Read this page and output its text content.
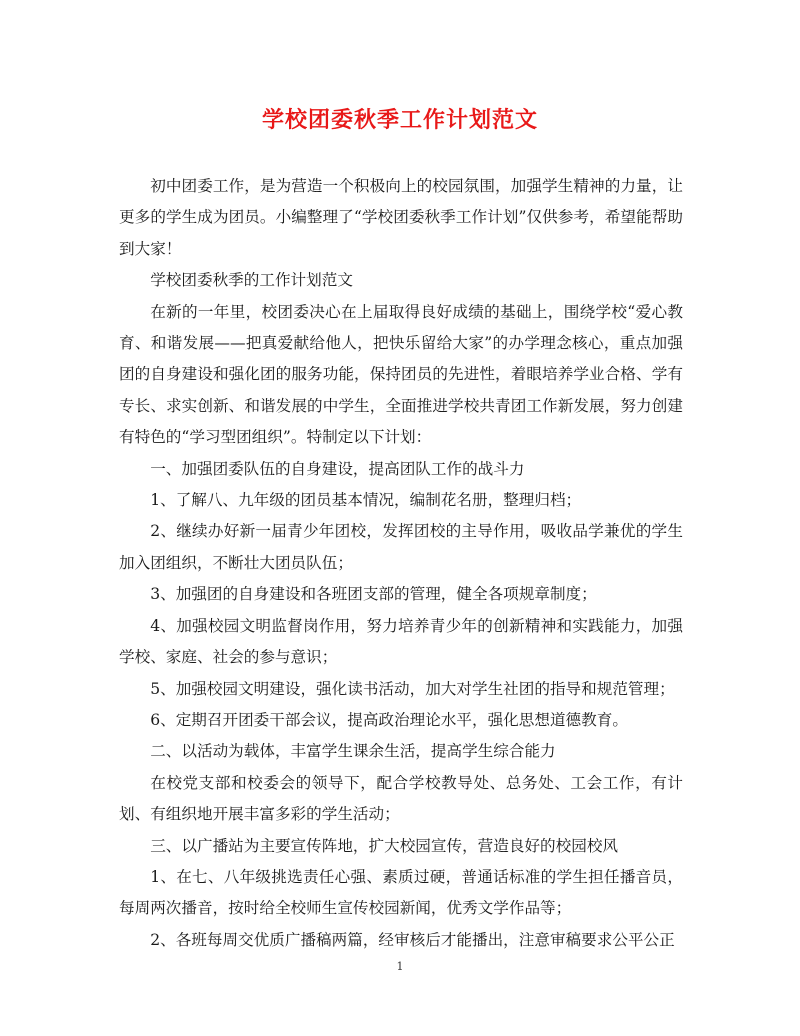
学校团委秋季工作计划范文

初中团委工作，是为营造一个积极向上的校园氛围，加强学生精神的力量，让更多的学生成为团员。小编整理了“学校团委秋季工作计划”仅供参考，希望能帮助到大家！

学校团委秋季的工作计划范文

在新的一年里，校团委决心在上届取得良好成绩的基础上，围绕学校“爱心教育、和谐发展——把真爱献给他人，把快乐留给大家”的办学理念核心，重点加强团的自身建设和强化团的服务功能，保持团员的先进性，着眼培养学业合格、学有专长、求实创新、和谐发展的中学生，全面推进学校共青团工作新发展，努力创建有特色的“学习型团组织”。特制定以下计划：

一、加强团委队伍的自身建设，提高团队工作的战斗力

1、了解八、九年级的团员基本情况，编制花名册，整理归档；

2、继续办好新一届青少年团校，发挥团校的主导作用，吸收品学兼优的学生加入团组织，不断壮大团员队伍；

3、加强团的自身建设和各班团支部的管理，健全各项规章制度；

4、加强校园文明监督岗作用，努力培养青少年的创新精神和实践能力，加强学校、家庭、社会的参与意识；

5、加强校园文明建设，强化读书活动，加大对学生社团的指导和规范管理；

6、定期召开团委干部会议，提高政治理论水平，强化思想道德教育。

二、以活动为载体，丰富学生课余生活，提高学生综合能力

在校党支部和校委会的领导下，配合学校教导处、总务处、工会工作，有计划、有组织地开展丰富多彩的学生活动；

三、以广播站为主要宣传阵地，扩大校园宣传，营造良好的校园校风

1、在七、八年级挑选责任心强、素质过硬，普通话标准的学生担任播音员，每周两次播音，按时给全校师生宣传校园新闻，优秀文学作品等；

2、各班每周交优质广播稿两篇，经审核后才能播出，注意审稿要求公平公正

1
